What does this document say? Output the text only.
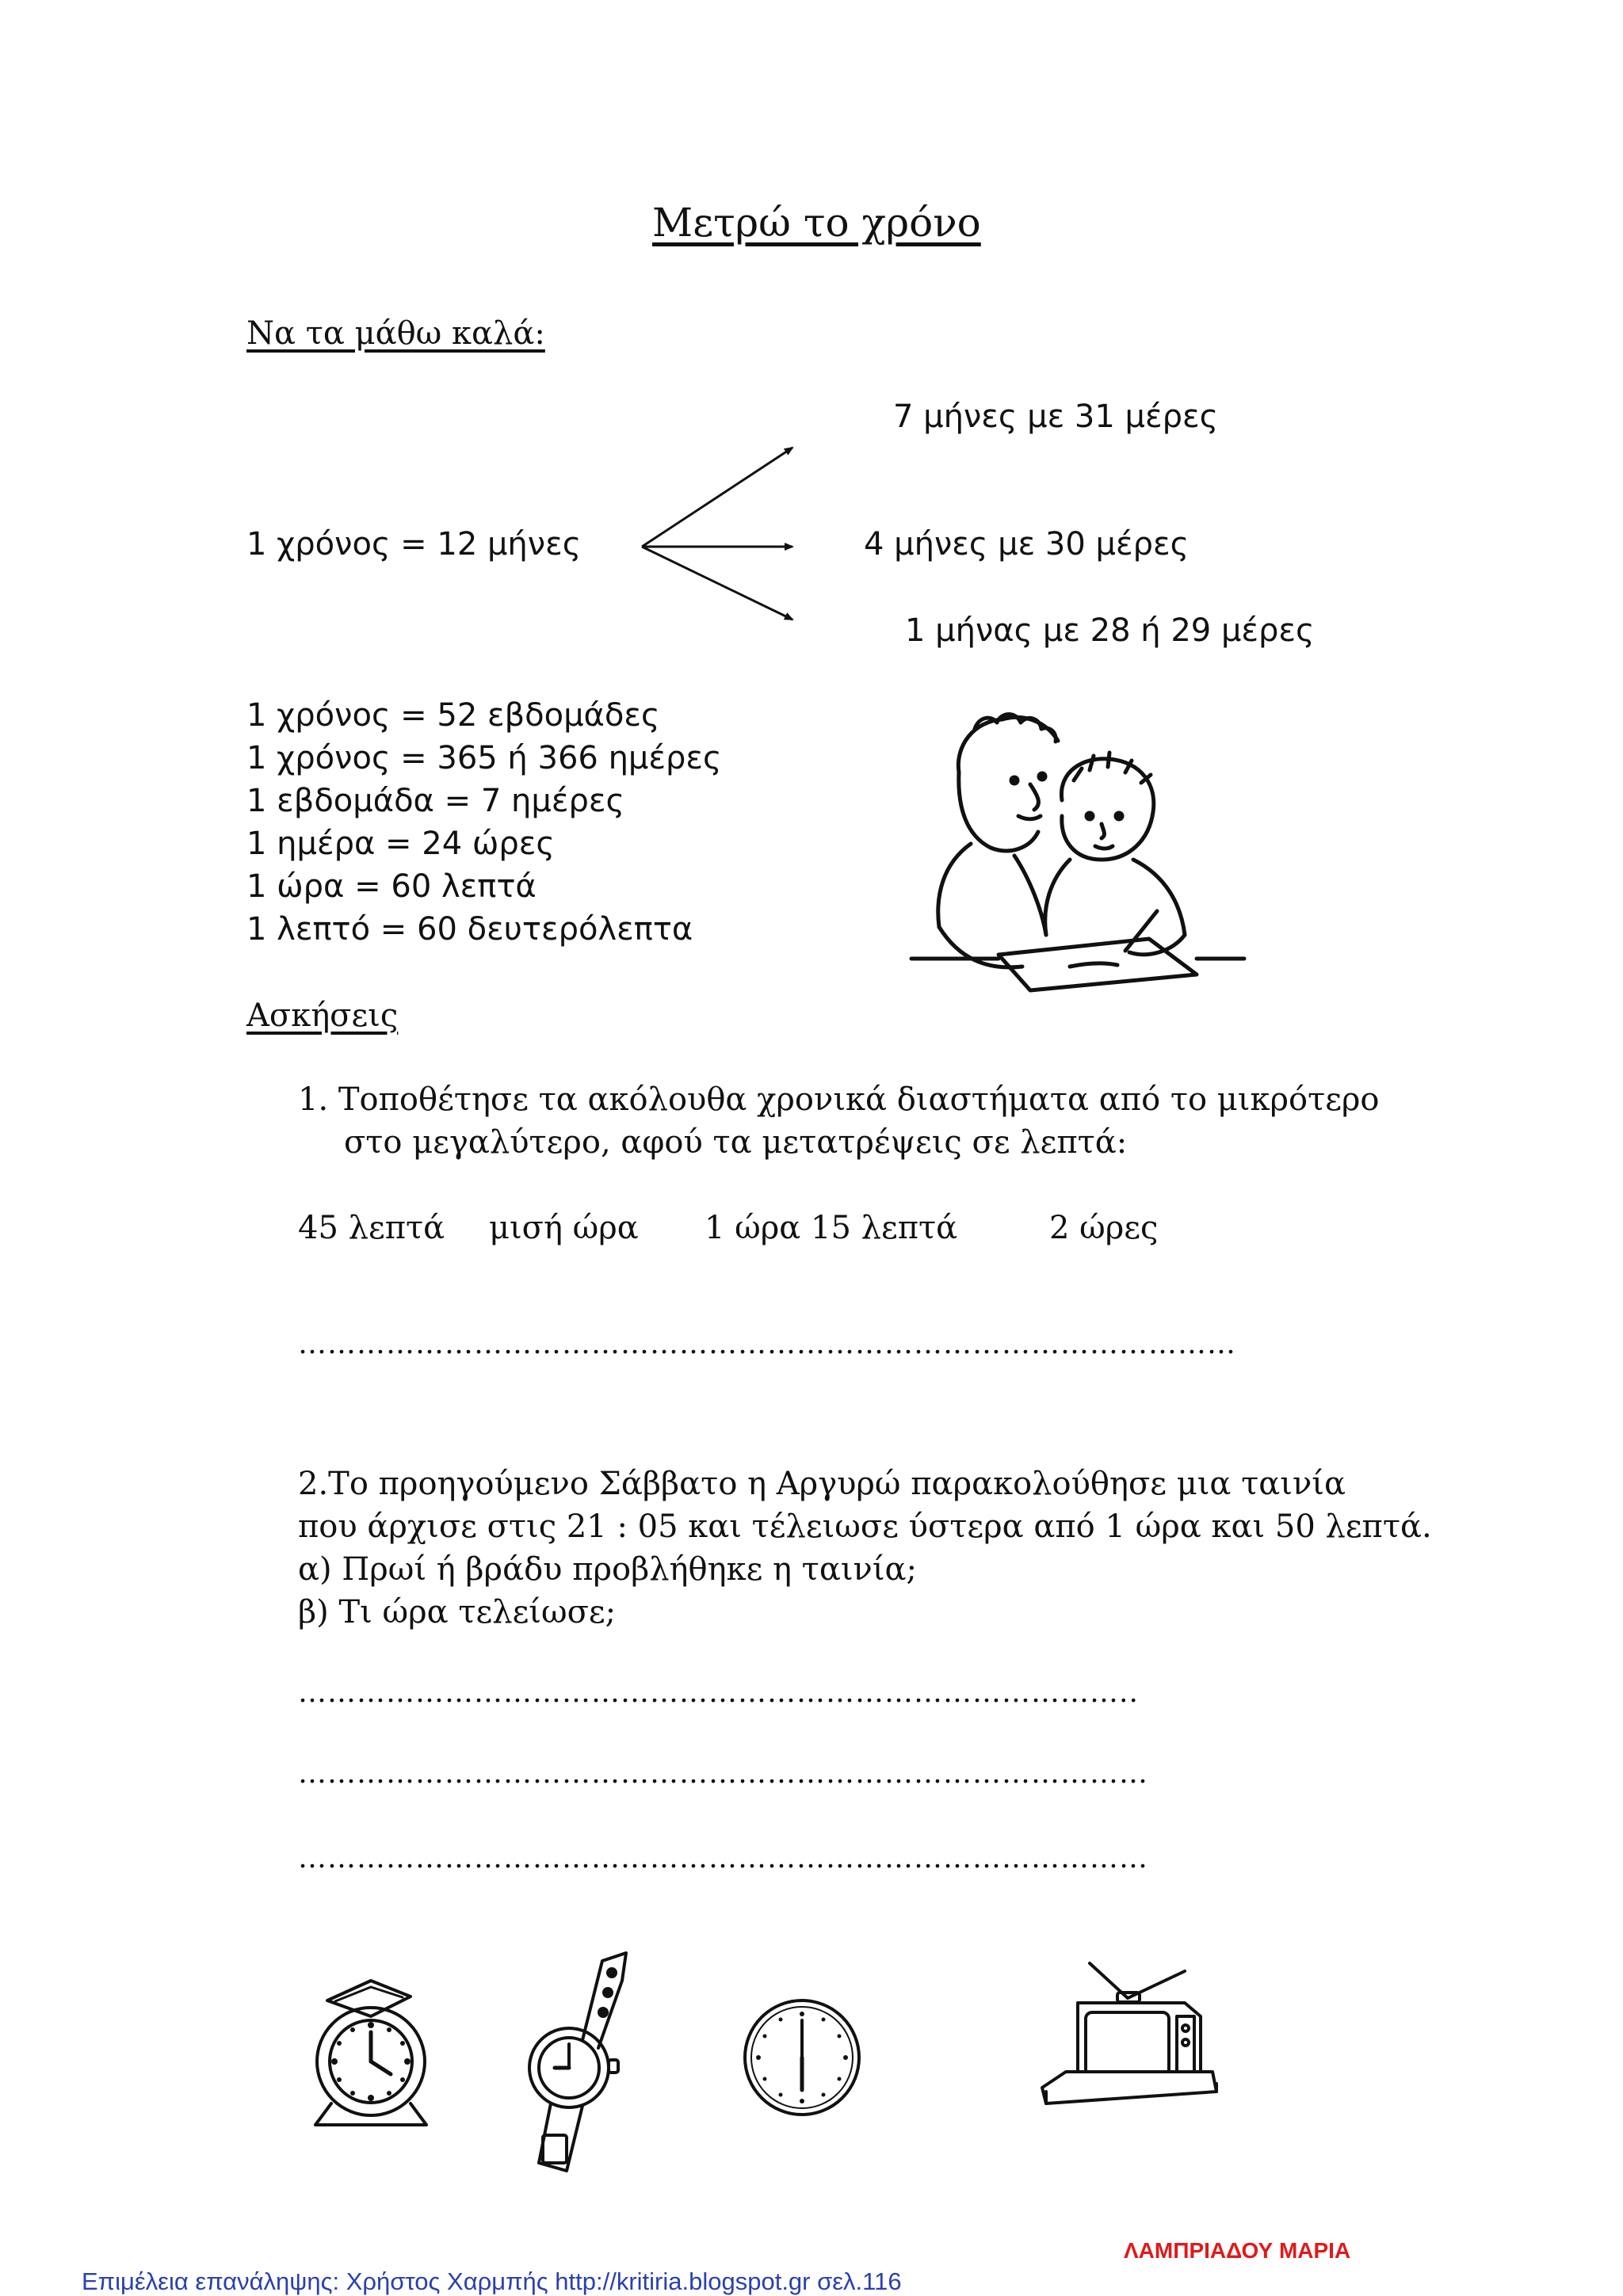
Μετρώ το χρόνο
Να τα μάθω καλά:
1 χρόνος = 12 μήνες
7 μήνες με 31 μέρες
4 μήνες με 30 μέρες
1 μήνας με 28 ή 29 μέρες
1 χρόνος = 52 εβδομάδες
1 χρόνος = 365 ή 366 ημέρες
1 εβδομάδα = 7 ημέρες
1 ημέρα = 24 ώρες
1 ώρα = 60 λεπτά
1 λεπτό = 60 δευτερόλεπτα
Ασκήσεις
1. Τοποθέτησε τα ακόλουθα χρονικά διαστήματα από το μικρότερο
στο μεγαλύτερο, αφού τα μετατρέψεις σε λεπτά:
45 λεπτά μισή ώρα 1 ώρα 15 λεπτά	2 ώρες
……………………………………………………………………………………
2.Το προηγούμενο Σάββατο η Αργυρώ παρακολούθησε μια ταινία
που άρχισε στις 21 : 05 και τέλειωσε ύστερα από 1 ώρα και 50 λεπτά.
α) Πρωί ή βράδυ προβλήθηκε η ταινία;
β) Τι ώρα τελείωσε;
…………………………………………………………………………..
……………………………………………………………………………
……………………………………………………………………………
ΛΑΜΠΡΙΑΔΟΥ ΜΑΡΙΑ
Επιμέλεια επανάληψης: Χρήστος Χαρμπής http://kritiria.blogspot.gr σελ.116
